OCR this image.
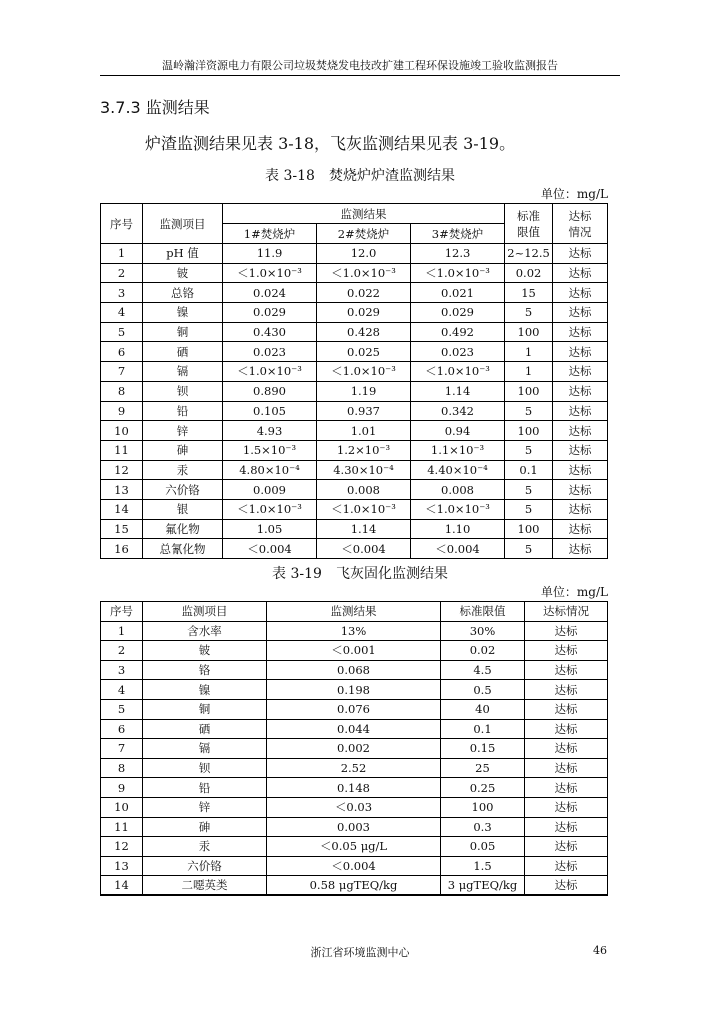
温岭瀚洋资源电力有限公司垃圾焚烧发电技改扩建工程环保设施竣工验收监测报告
3.7.3 监测结果
炉渣监测结果见表 3-18，飞灰监测结果见表 3-19。
表 3-18　焚烧炉炉渣监测结果
单位：mg/L
序号	监测项目	监测结果			标准限值	达标情况
		1#焚烧炉	2#焚烧炉	3#焚烧炉		
1	pH 值	11.9	12.0	12.3	2~12.5	达标
2	铍	＜1.0×10⁻³	＜1.0×10⁻³	＜1.0×10⁻³	0.02	达标
3	总铬	0.024	0.022	0.021	15	达标
4	镍	0.029	0.029	0.029	5	达标
5	铜	0.430	0.428	0.492	100	达标
6	硒	0.023	0.025	0.023	1	达标
7	镉	＜1.0×10⁻³	＜1.0×10⁻³	＜1.0×10⁻³	1	达标
8	钡	0.890	1.19	1.14	100	达标
9	铅	0.105	0.937	0.342	5	达标
10	锌	4.93	1.01	0.94	100	达标
11	砷	1.5×10⁻³	1.2×10⁻³	1.1×10⁻³	5	达标
12	汞	4.80×10⁻⁴	4.30×10⁻⁴	4.40×10⁻⁴	0.1	达标
13	六价铬	0.009	0.008	0.008	5	达标
14	银	＜1.0×10⁻³	＜1.0×10⁻³	＜1.0×10⁻³	5	达标
15	氟化物	1.05	1.14	1.10	100	达标
16	总氰化物	＜0.004	＜0.004	＜0.004	5	达标
表 3-19　飞灰固化监测结果
单位：mg/L
序号	监测项目	监测结果	标准限值	达标情况
1	含水率	13%	30%	达标
2	铍	＜0.001	0.02	达标
3	铬	0.068	4.5	达标
4	镍	0.198	0.5	达标
5	铜	0.076	40	达标
6	硒	0.044	0.1	达标
7	镉	0.002	0.15	达标
8	钡	2.52	25	达标
9	铅	0.148	0.25	达标
10	锌	＜0.03	100	达标
11	砷	0.003	0.3	达标
12	汞	＜0.05 μg/L	0.05	达标
13	六价铬	＜0.004	1.5	达标
14	二噁英类	0.58 μgTEQ/kg	3 μgTEQ/kg	达标
浙江省环境监测中心	46
